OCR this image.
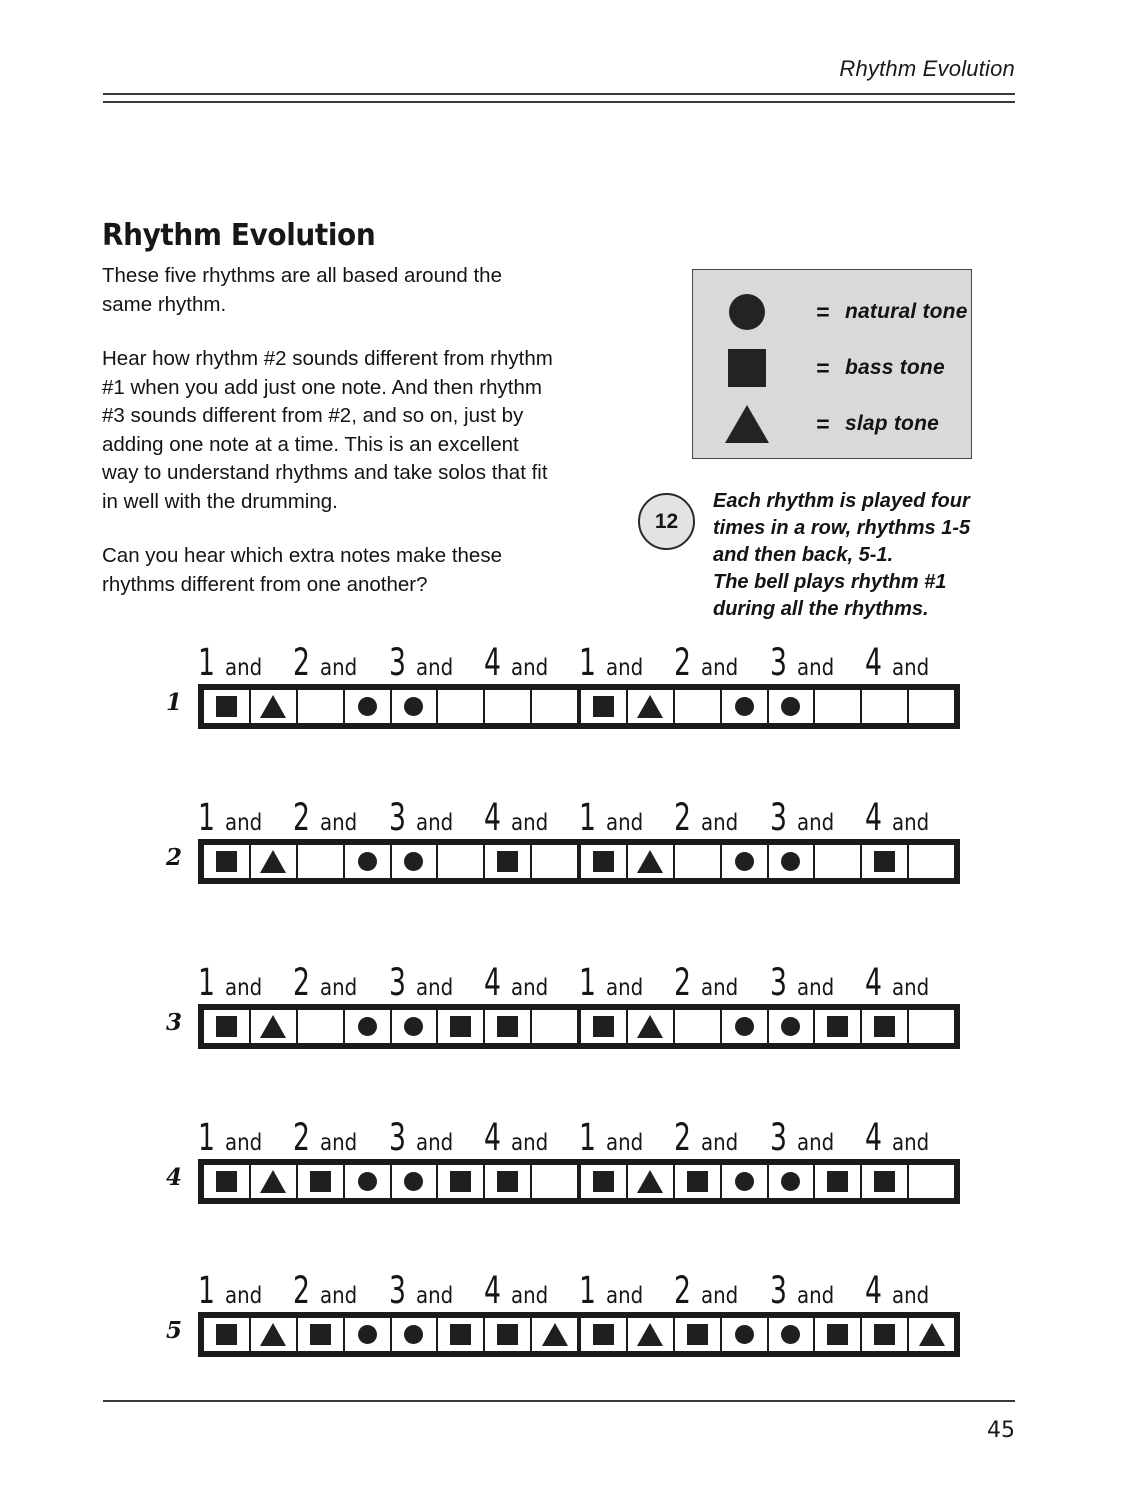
Rhythm Evolution
Rhythm Evolution

These five rhythms are all based around the same rhythm.

Hear how rhythm #2 sounds different from rhythm #1 when you add just one note. And then rhythm #3 sounds different from #2, and so on, just by adding one note at a time. This is an excellent way to understand rhythms and take solos that fit in well with the drumming.

Can you hear which extra notes make these rhythms different from one another?

= natural tone
= bass tone
= slap tone
12
Each rhythm is played four
times in a row, rhythms 1-5
and then back, 5-1.
The bell plays rhythm #1
during all the rhythms.
1 and 2 and 3 and 4 and 1 and 2 and 3 and 4 and
1
1 and 2 and 3 and 4 and 1 and 2 and 3 and 4 and
2
1 and 2 and 3 and 4 and 1 and 2 and 3 and 4 and
3
1 and 2 and 3 and 4 and 1 and 2 and 3 and 4 and
4
1 and 2 and 3 and 4 and 1 and 2 and 3 and 4 and
5
45
